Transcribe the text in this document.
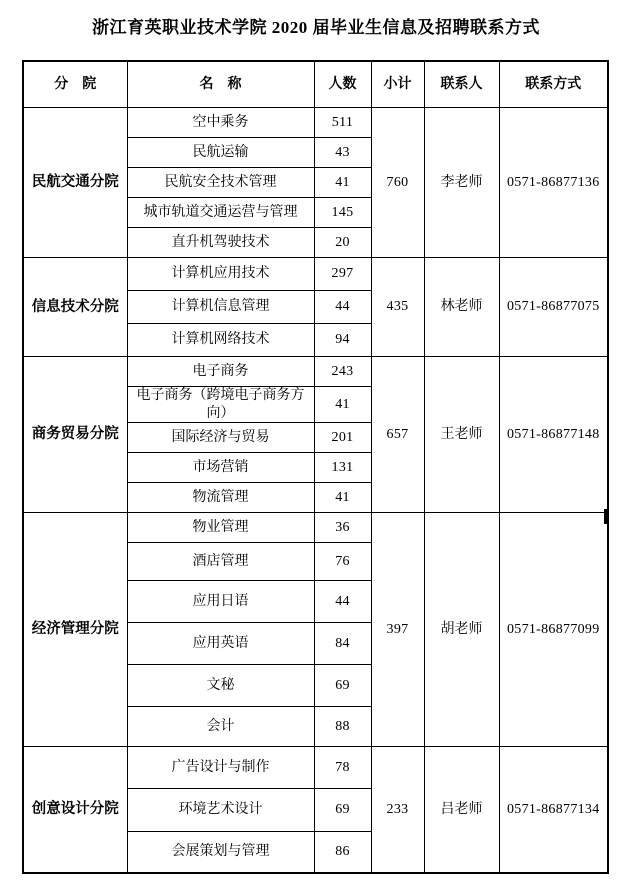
浙江育英职业技术学院 2020 届毕业生信息及招聘联系方式
分　院	名　称	人数	小计	联系人	联系方式
民航交通分院	空中乘务	511	760	李老师	0571-86877136
	民航运输	43			
	民航安全技术管理	41			
	城市轨道交通运营与管理	145			
	直升机驾驶技术	20			
信息技术分院	计算机应用技术	297	435	林老师	0571-86877075
	计算机信息管理	44			
	计算机网络技术	94			
商务贸易分院	电子商务	243	657	王老师	0571-86877148
	电子商务（跨境电子商务方向）	41			
	国际经济与贸易	201			
	市场营销	131			
	物流管理	41			
经济管理分院	物业管理	36	397	胡老师	0571-86877099
	酒店管理	76			
	应用日语	44			
	应用英语	84			
	文秘	69			
	会计	88			
创意设计分院	广告设计与制作	78	233	吕老师	0571-86877134
	环境艺术设计	69			
	会展策划与管理	86			
